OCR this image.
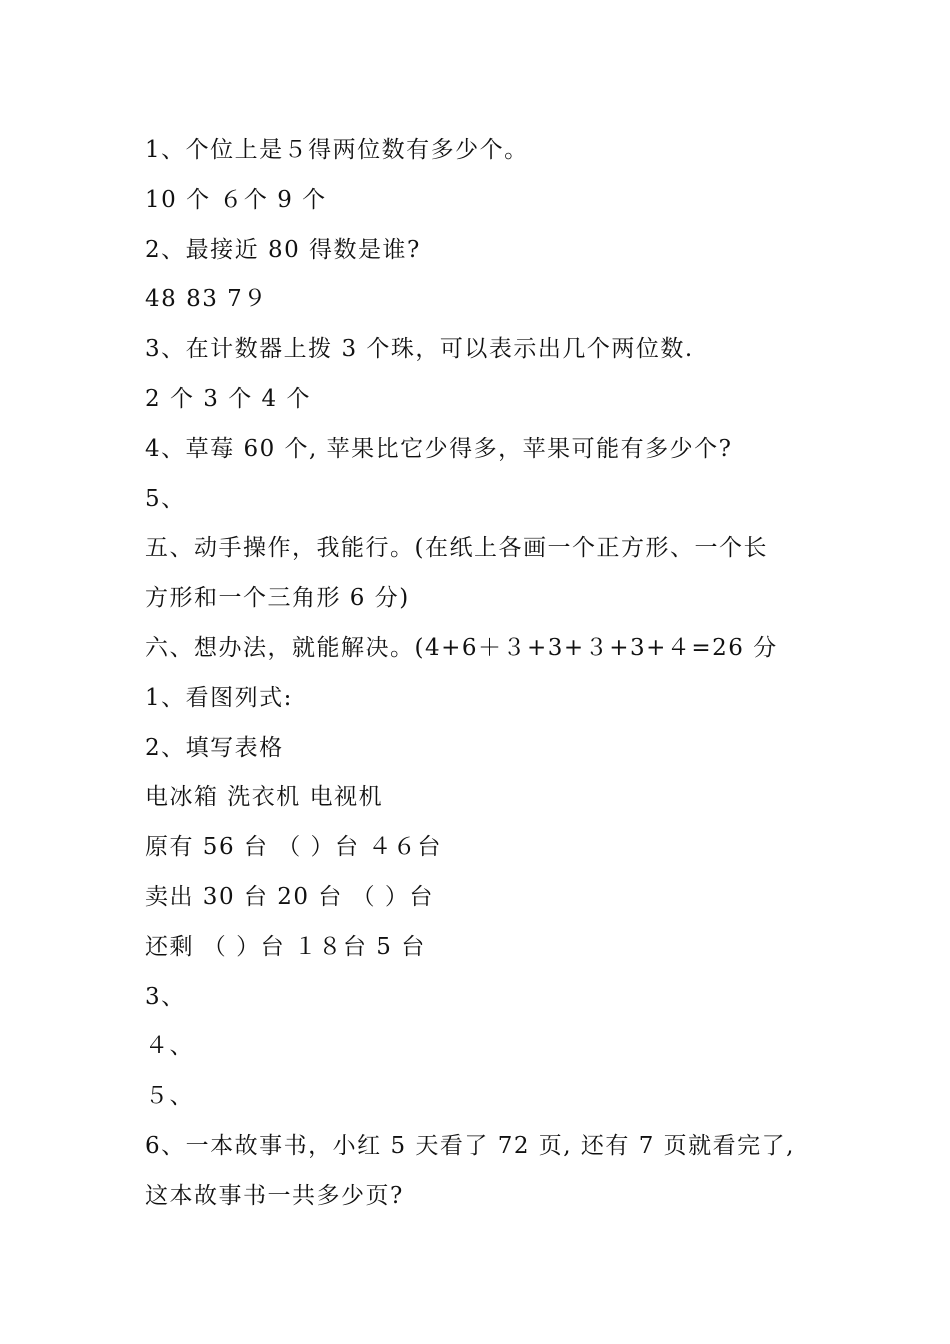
1、个位上是５得两位数有多少个。
10 个 ６个 9 个
2、最接近 80 得数是谁?
48 83 7９
3、在计数器上拨 3 个珠，可以表示出几个两位数.
2 个 3 个 4 个
4、草莓 60 个, 苹果比它少得多，苹果可能有多少个?
5、
五、动手操作，我能行。(在纸上各画一个正方形、一个长
方形和一个三角形 6 分)
六、想办法，就能解决。(4+6＋３+3+３+3+４=26 分
1、看图列式:
2、填写表格
电冰箱 洗衣机 电视机
原有 56 台 （ ）台 ４６台
卖出 30 台 20 台 （ ）台
还剩 （ ）台 １８台 5 台
3、
４、
５、
6、一本故事书，小红 5 天看了 72 页, 还有 7 页就看完了,
这本故事书一共多少页?
